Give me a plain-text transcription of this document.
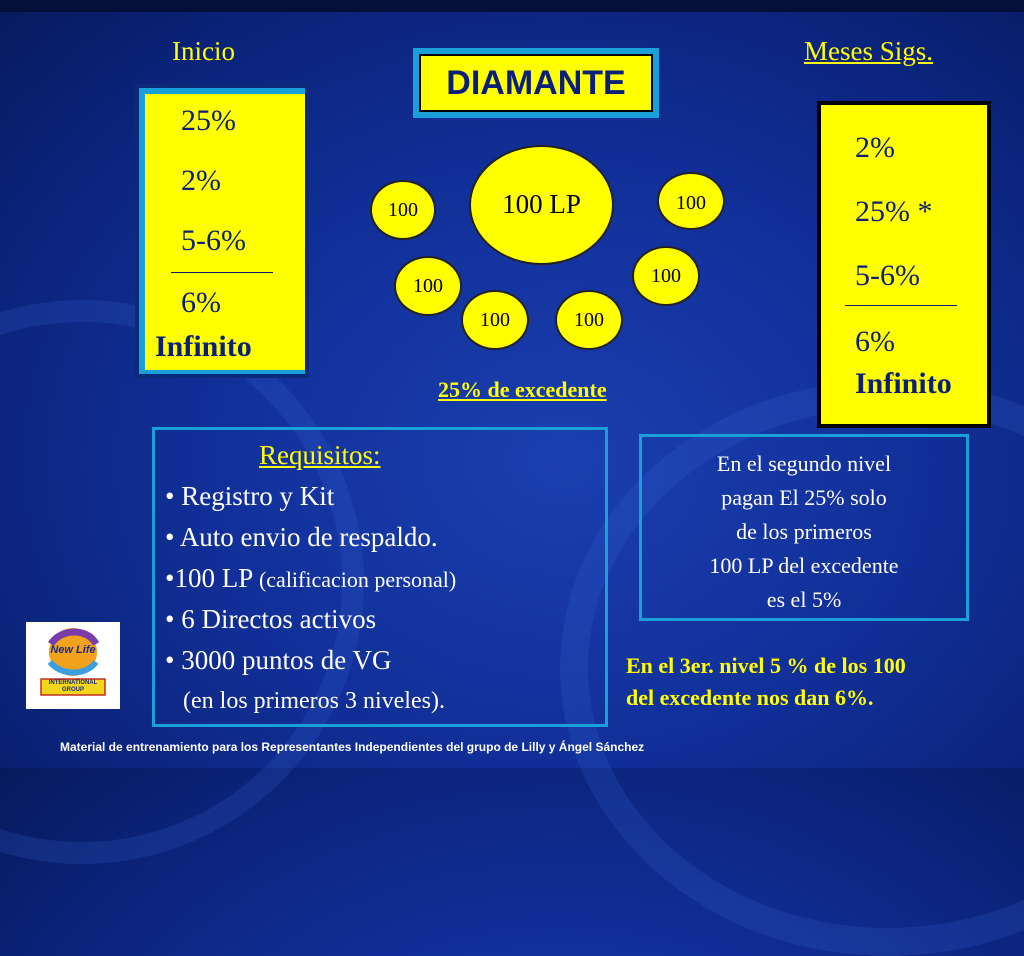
Inicio	Meses Sigs.
DIAMANTE
25%
2%
5-6%
6%
Infinito
2%
25% *
5-6%
6%
Infinito
100 LP
100	100
100	100
100	100
25% de excedente
Requisitos:
• Registro y Kit
• Auto envio de respaldo.
•100 LP (calificacion personal)
• 6 Directos activos
• 3000 puntos de VG
(en los primeros 3 niveles).
En el segundo nivel
pagan El 25% solo
de los primeros
100 LP del excedente
es el 5%
En el 3er. nivel 5 % de los 100
del excedente nos dan 6%.
New Life
INTERNATIONAL
GROUP
Material de entrenamiento para los Representantes Independientes del grupo de Lilly y Ángel Sánchez
